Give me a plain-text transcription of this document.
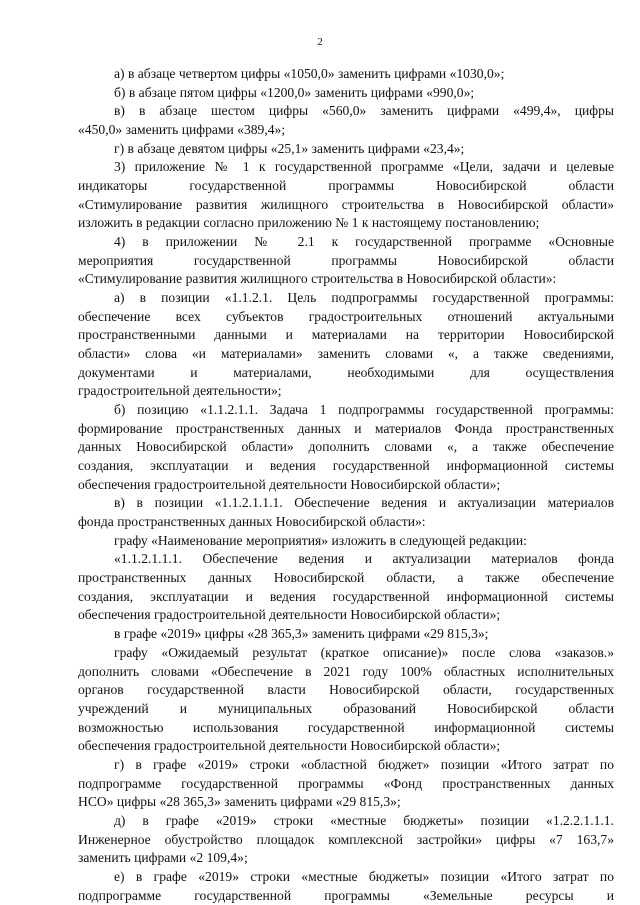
2
а) в абзаце четвертом цифры «1050,0» заменить цифрами «1030,0»;
б) в абзаце пятом цифры «1200,0» заменить цифрами «990,0»;
в) в абзаце шестом цифры «560,0» заменить цифрами «499,4», цифры
«450,0» заменить цифрами «389,4»;
г) в абзаце девятом цифры «25,1» заменить цифрами «23,4»;
3) приложение № 1 к государственной программе «Цели, задачи и целевые
индикаторы государственной программы Новосибирской области
«Стимулирование развития жилищного строительства в Новосибирской области»
изложить в редакции согласно приложению № 1 к настоящему постановлению;
4) в приложении № 2.1 к государственной программе «Основные
мероприятия государственной программы Новосибирской области
«Стимулирование развития жилищного строительства в Новосибирской области»:
а) в позиции «1.1.2.1. Цель подпрограммы государственной программы:
обеспечение всех субъектов градостроительных отношений актуальными
пространственными данными и материалами на территории Новосибирской
области» слова «и материалами» заменить словами «, а также сведениями,
документами и материалами, необходимыми для осуществления
градостроительной деятельности»;
б) позицию «1.1.2.1.1. Задача 1 подпрограммы государственной программы:
формирование пространственных данных и материалов Фонда пространственных
данных Новосибирской области» дополнить словами «, а также обеспечение
создания, эксплуатации и ведения государственной информационной системы
обеспечения градостроительной деятельности Новосибирской области»;
в) в позиции «1.1.2.1.1.1. Обеспечение ведения и актуализации материалов
фонда пространственных данных Новосибирской области»:
графу «Наименование мероприятия» изложить в следующей редакции:
«1.1.2.1.1.1. Обеспечение ведения и актуализации материалов фонда
пространственных данных Новосибирской области, а также обеспечение
создания, эксплуатации и ведения государственной информационной системы
обеспечения градостроительной деятельности Новосибирской области»;
в графе «2019» цифры «28 365,3» заменить цифрами «29 815,3»;
графу «Ожидаемый результат (краткое описание)» после слова «заказов.»
дополнить словами «Обеспечение в 2021 году 100% областных исполнительных
органов государственной власти Новосибирской области, государственных
учреждений и муниципальных образований Новосибирской области
возможностью использования государственной информационной системы
обеспечения градостроительной деятельности Новосибирской области»;
г) в графе «2019» строки «областной бюджет» позиции «Итого затрат по
подпрограмме государственной программы «Фонд пространственных данных
НСО» цифры «28 365,3» заменить цифрами «29 815,3»;
д) в графе «2019» строки «местные бюджеты» позиции «1.2.2.1.1.1.
Инженерное обустройство площадок комплексной застройки» цифры «7 163,7»
заменить цифрами «2 109,4»;
е) в графе «2019» строки «местные бюджеты» позиции «Итого затрат по
подпрограмме государственной программы «Земельные ресурсы и
